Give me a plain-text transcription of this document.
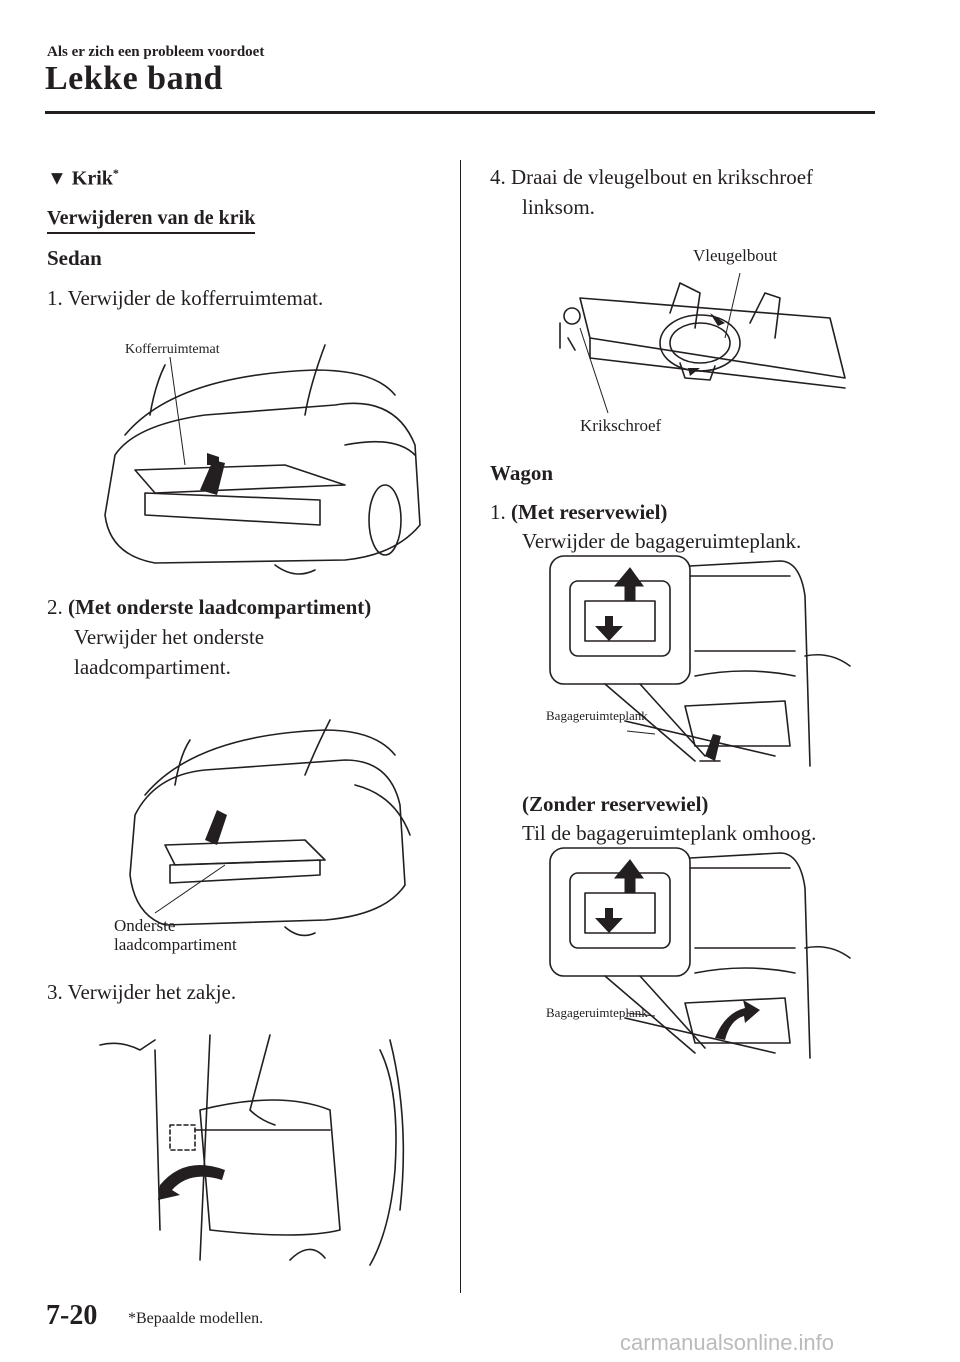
Als er zich een probleem voordoet
Lekke band
▼ Krik*
Verwijderen van de krik
Sedan
1. Verwijder de kofferruimtemat.
Kofferruimtemat
2. (Met onderste laadcompartiment)
Verwijder het onderste
laadcompartiment.
Onderste
laadcompartiment
3. Verwijder het zakje.
4. Draai de vleugelbout en krikschroef
linksom.
Vleugelbout
Krikschroef
Wagon
1. (Met reservewiel)
Verwijder de bagageruimteplank.
Bagageruimteplank
(Zonder reservewiel)
Til de bagageruimteplank omhoog.
Bagageruimteplank
7-20 *Bepaalde modellen.
carmanualsonline.info
